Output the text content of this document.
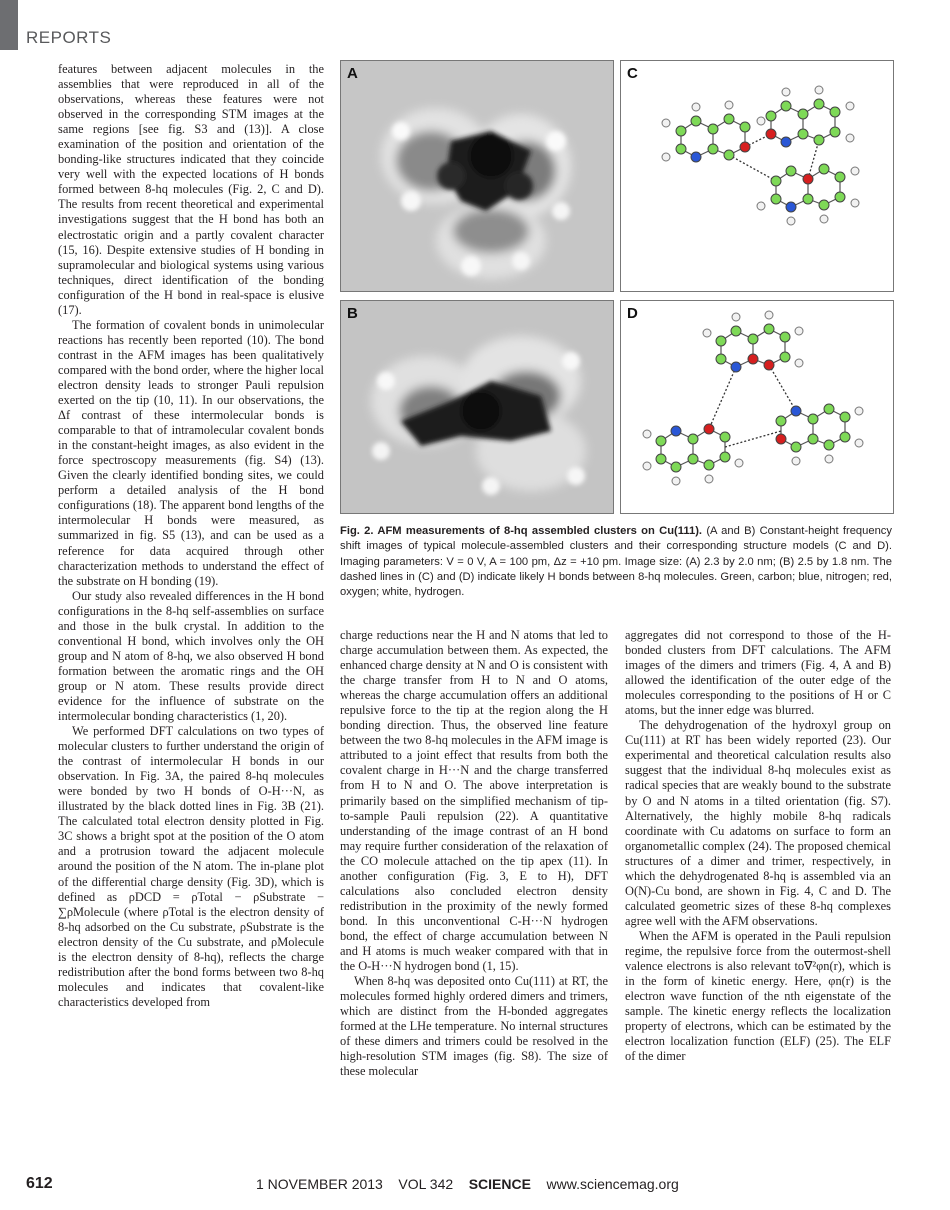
REPORTS

features between adjacent molecules in the assemblies that were reproduced in all of the observations, whereas these features were not observed in the corresponding STM images at the same regions [see fig. S3 and (13)]. A close examination of the position and orientation of the bonding-like structures indicated that they coincide very well with the expected locations of H bonds formed between 8-hq molecules (Fig. 2, C and D). The results from recent theoretical and experimental investigations suggest that the H bond has both an electrostatic origin and a partly covalent character (15, 16). Despite extensive studies of H bonding in supramolecular and biological systems using various techniques, direct identification of the bonding configuration of the H bond in real-space is elusive (17).

The formation of covalent bonds in unimolecular reactions has recently been reported (10). The bond contrast in the AFM images has been qualitatively compared with the bond order, where the higher local electron density leads to stronger Pauli repulsion exerted on the tip (10, 11). In our observations, the Δf contrast of these intermolecular bonds is comparable to that of intramolecular covalent bonds in the constant-height images, as also evident in the force spectroscopy measurements (fig. S4) (13). Given the clearly identified bonding sites, we could perform a detailed analysis of the H bond configurations (18). The apparent bond lengths of the intermolecular H bonds were measured, as summarized in fig. S5 (13), and can be used as a reference for data acquired through other characterization methods to understand the effect of the substrate on H bonding (19).

Our study also revealed differences in the H bond configurations in the 8-hq self-assemblies on surface and those in the bulk crystal. In addition to the conventional H bond, which involves only the OH group and N atom of 8-hq, we also observed H bond formation between the aromatic rings and the OH group or N atom. These results provide direct evidence for the influence of substrate on the intermolecular bonding characteristics (1, 20).

We performed DFT calculations on two types of molecular clusters to further understand the origin of the contrast of intermolecular H bonds in our observation. In Fig. 3A, the paired 8-hq molecules were bonded by two H bonds of O-H···N, as illustrated by the black dotted lines in Fig. 3B (21). The calculated total electron density plotted in Fig. 3C shows a bright spot at the position of the O atom and a protrusion toward the adjacent molecule around the position of the N atom. The in-plane plot of the differential charge density (Fig. 3D), which is defined as ρDCD = ρTotal − ρSubstrate − ∑ρMolecule (where ρTotal is the electron density of 8-hq adsorbed on the Cu substrate, ρSubstrate is the electron density of the Cu substrate, and ρMolecule is the electron density of 8-hq), reflects the charge redistribution after the bond forms between two 8-hq molecules and indicates that covalent-like characteristics developed from

A	C
B	D
Fig. 2. AFM measurements of 8-hq assembled clusters on Cu(111). (A and B) Constant-height frequency shift images of typical molecule-assembled clusters and their corresponding structure models (C and D). Imaging parameters: V = 0 V, A = 100 pm, Δz = +10 pm. Image size: (A) 2.3 by 2.0 nm; (B) 2.5 by 1.8 nm. The dashed lines in (C) and (D) indicate likely H bonds between 8-hq molecules. Green, carbon; blue, nitrogen; red, oxygen; white, hydrogen.

charge reductions near the H and N atoms that led to charge accumulation between them. As expected, the enhanced charge density at N and O is consistent with the charge transfer from H to N and O atoms, whereas the charge accumulation offers an additional repulsive force to the tip at the region along the H bonding direction. Thus, the observed line feature between the two 8-hq molecules in the AFM image is attributed to a joint effect that results from both the covalent charge in H···N and the charge transferred from H to N and O. The above interpretation is primarily based on the simplified mechanism of tip-to-sample Pauli repulsion (22). A quantitative understanding of the image contrast of an H bond may require further consideration of the relaxation of the CO molecule attached on the tip apex (11). In another configuration (Fig. 3, E to H), DFT calculations also concluded electron density redistribution in the proximity of the newly formed bond. In this unconventional C-H···N hydrogen bond, the effect of charge accumulation between N and H atoms is much weaker compared with that in the O-H···N hydrogen bond (1, 15).

When 8-hq was deposited onto Cu(111) at RT, the molecules formed highly ordered dimers and trimers, which are distinct from the H-bonded aggregates formed at the LHe temperature. No internal structures of these dimers and trimers could be resolved in the high-resolution STM images (fig. S8). The size of these molecular

aggregates did not correspond to those of the H-bonded clusters from DFT calculations. The AFM images of the dimers and trimers (Fig. 4, A and B) allowed the identification of the outer edge of the molecules corresponding to the positions of H or C atoms, but the inner edge was blurred.

The dehydrogenation of the hydroxyl group on Cu(111) at RT has been widely reported (23). Our experimental and theoretical calculation results also suggest that the individual 8-hq molecules exist as radical species that are weakly bound to the substrate by O and N atoms in a tilted orientation (fig. S7). Alternatively, the highly mobile 8-hq radicals coordinate with Cu adatoms on surface to form an organometallic complex (24). The proposed chemical structures of a dimer and trimer, respectively, in which the dehydrogenated 8-hq is assembled via an O(N)-Cu bond, are shown in Fig. 4, C and D. The calculated geometric sizes of these 8-hq complexes agree well with the AFM observations.

When the AFM is operated in the Pauli repulsion regime, the repulsive force from the outermost-shell valence electrons is also relevant to∇²φn(r), which is in the form of kinetic energy. Here, φn(r) is the electron wave function of the nth eigenstate of the sample. The kinetic energy reflects the localization property of electrons, which can be estimated by the electron localization function (ELF) (25). The ELF of the dimer

612	1 NOVEMBER 2013 VOL 342 SCIENCE www.sciencemag.org
